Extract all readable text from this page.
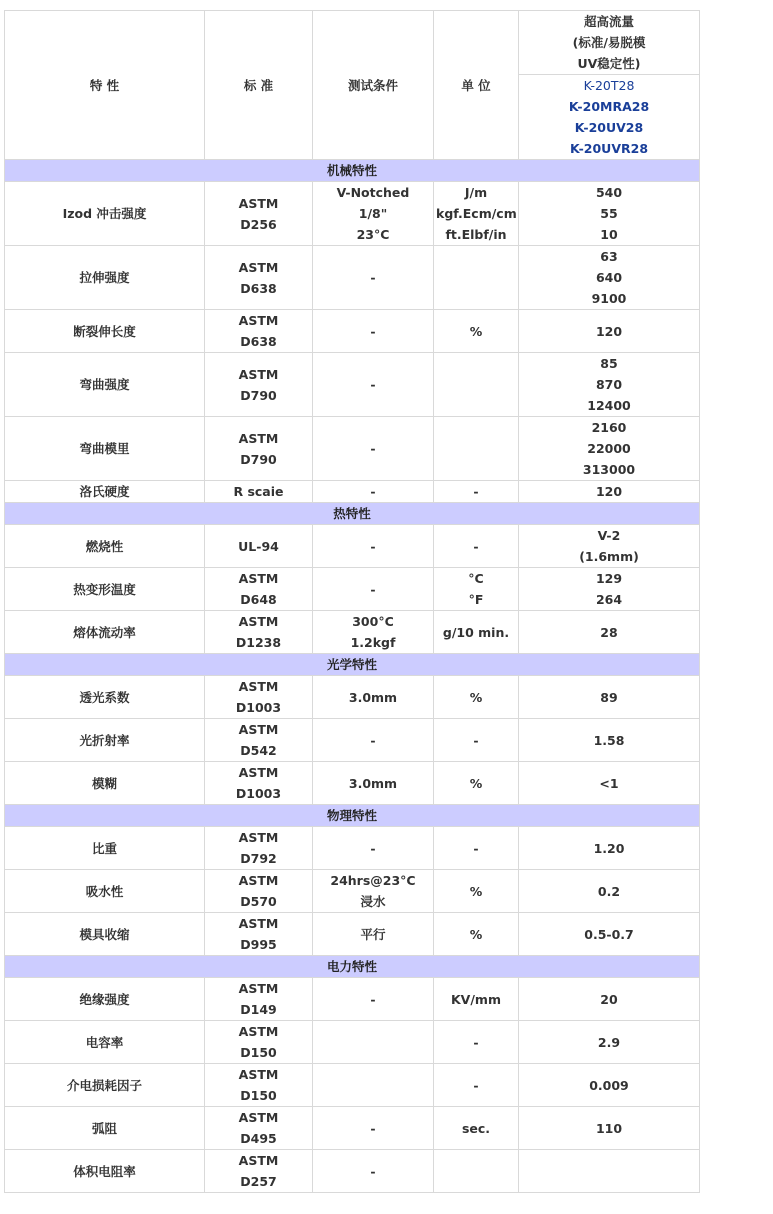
特 性	标 准	测试条件	单 位	超高流量
(标准/易脱模
UV稳定性)

				K-20T28
K-20MRA28
K-20UV28
K-20UVR28

机械特性				
Izod 冲击强度	ASTM
D256	V-Notched
1/8"
23°C	J/m
kgf.Ecm/cm
ft.Elbf/in	540
55
10

拉伸强度	ASTM
D638	-		63
640
9100

断裂伸长度	ASTM
D638	-	%	120

弯曲强度	ASTM
D790	-		85
870
12400

弯曲模里	ASTM
D790	-		2160
22000
313000

洛氏硬度	R scaie	-	-	120

热特性				
燃烧性	UL-94	-	-	V-2
(1.6mm)

热变形温度	ASTM
D648	-	°C
°F	129
264

熔体流动率	ASTM
D1238	300°C
1.2kgf	g/10 min.	28

光学特性				
透光系数	ASTM
D1003	3.0mm	%	89

光折射率	ASTM
D542	-	-	1.58

模糊	ASTM
D1003	3.0mm	%	<1

物理特性				
比重	ASTM
D792	-	-	1.20

吸水性	ASTM
D570	24hrs@23°C
浸水	%	0.2

模具收缩	ASTM
D995	平行	%	0.5-0.7

电力特性				
绝缘强度	ASTM
D149	-	KV/mm	20

电容率	ASTM
D150		-	2.9

介电损耗因子	ASTM
D150		-	0.009

弧阻	ASTM
D495	-	sec.	110

体积电阻率	ASTM
D257	-		
